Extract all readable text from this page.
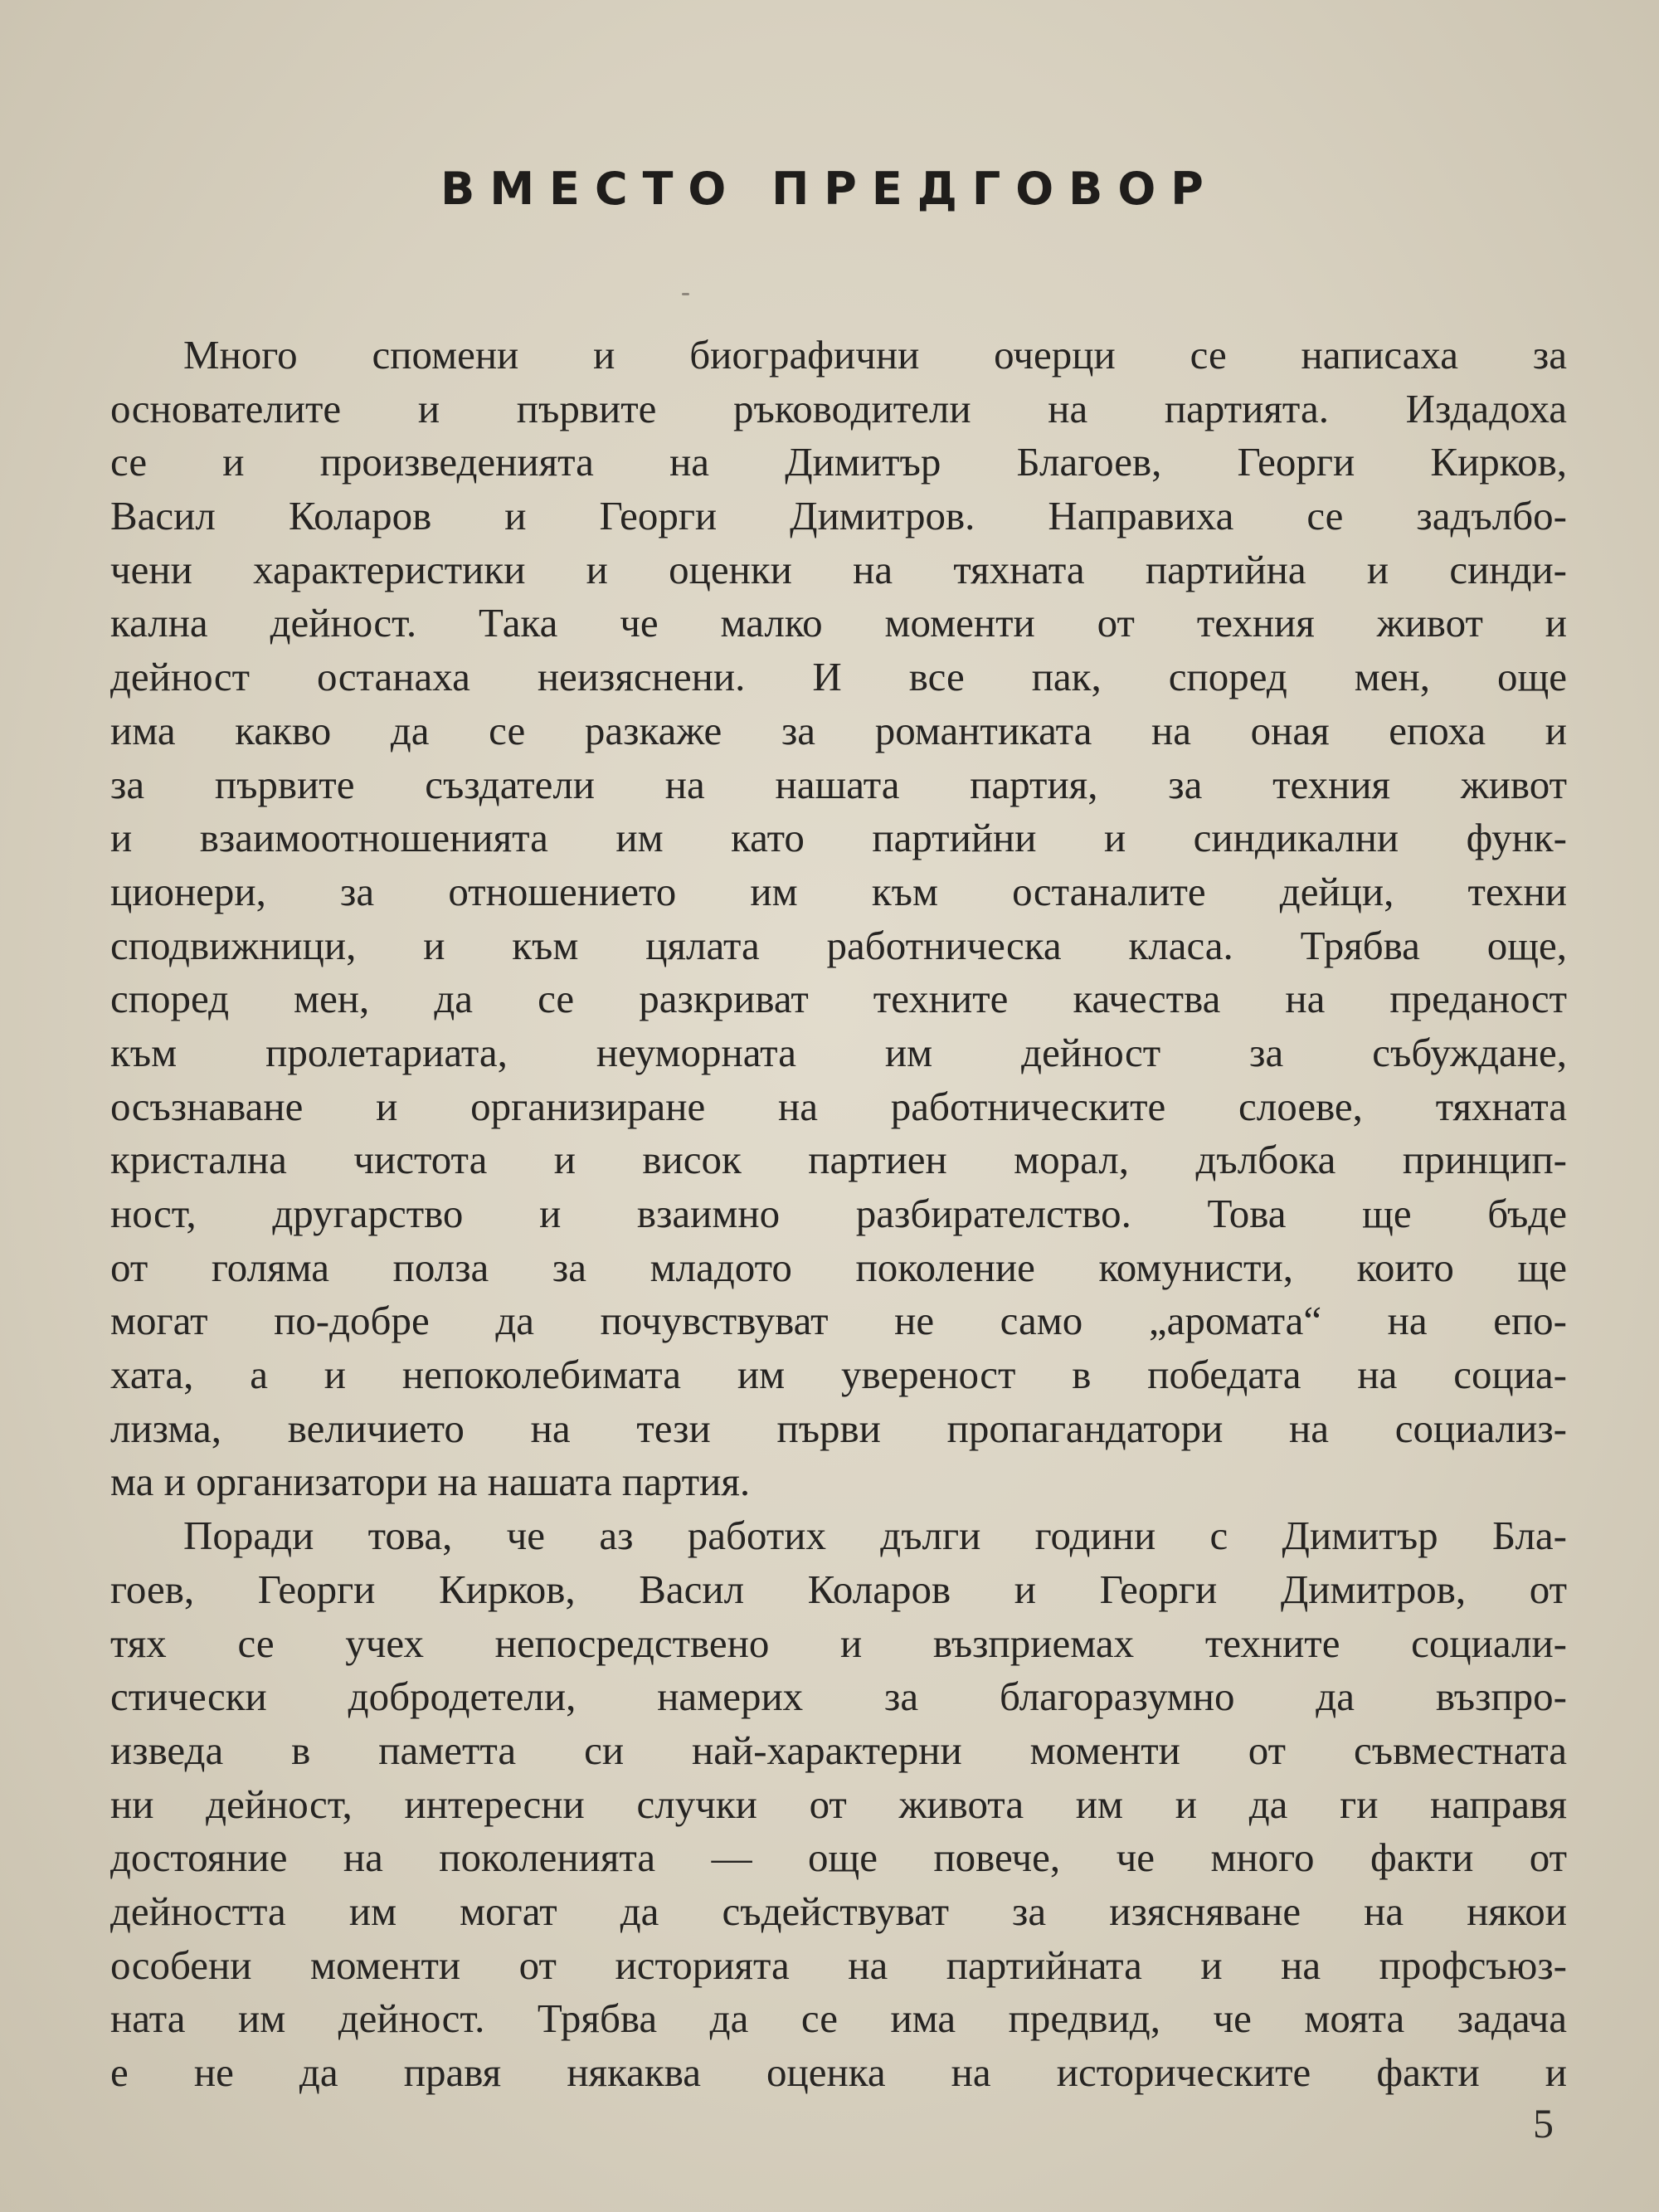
ВМЕСТО ПРЕДГОВОР
Много спомени и биографични очерци се написаха за
основателите и първите ръководители на партията. Издадоха
се и произведенията на Димитър Благоев, Георги Кирков,
Васил Коларов и Георги Димитров. Направиха се задълбо-
чени характеристики и оценки на тяхната партийна и синди-
кална дейност. Така че малко моменти от техния живот и
дейност останаха неизяснени. И все пак, според мен, още
има какво да се разкаже за романтиката на оная епоха и
за първите създатели на нашата партия, за техния живот
и взаимоотношенията им като партийни и синдикални функ-
ционери, за отношението им към останалите дейци, техни
сподвижници, и към цялата работническа класа. Трябва още,
според мен, да се разкриват техните качества на преданост
към пролетариата, неуморната им дейност за събуждане,
осъзнаване и организиране на работническите слоеве, тяхната
кристална чистота и висок партиен морал, дълбока принцип-
ност, другарство и взаимно разбирателство. Това ще бъде
от голяма полза за младото поколение комунисти, които ще
могат по-добре да почувствуват не само „аромата“ на епо-
хата, а и непоколебимата им увереност в победата на социа-
лизма, величието на тези първи пропагандатори на социализ-
ма и организатори на нашата партия.
Поради това, че аз работих дълги години с Димитър Бла-
гоев, Георги Кирков, Васил Коларов и Георги Димитров, от
тях се учех непосредствено и възприемах техните социали-
стически добродетели, намерих за благоразумно да възпро-
изведа в паметта си най-характерни моменти от съвместната
ни дейност, интересни случки от живота им и да ги направя
достояние на поколенията — още повече, че много факти от
дейността им могат да съдействуват за изясняване на някои
особени моменти от историята на партийната и на профсъюз-
ната им дейност. Трябва да се има предвид, че моята задача
е не да правя някаква оценка на историческите факти и
5
